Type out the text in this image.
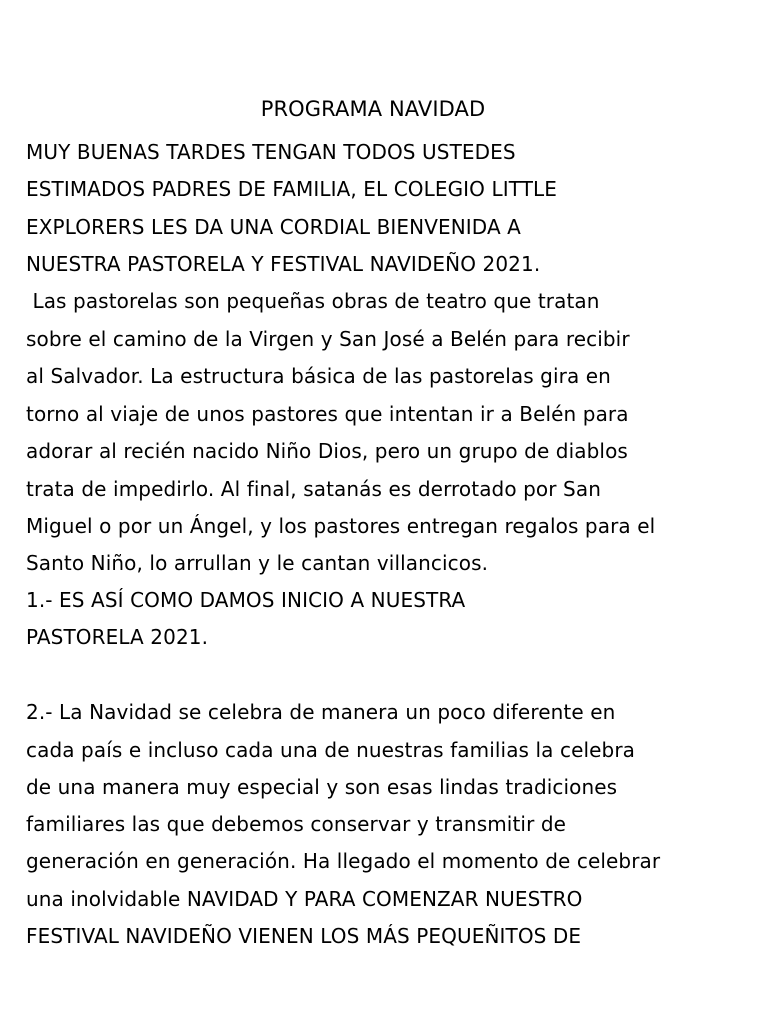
PROGRAMA NAVIDAD
MUY BUENAS TARDES TENGAN TODOS USTEDES
ESTIMADOS PADRES DE FAMILIA, EL COLEGIO LITTLE
EXPLORERS LES DA UNA CORDIAL BIENVENIDA A
NUESTRA PASTORELA Y FESTIVAL NAVIDEÑO 2021.
Las pastorelas son pequeñas obras de teatro que tratan
sobre el camino de la Virgen y San José a Belén para recibir
al Salvador. La estructura básica de las pastorelas gira en
torno al viaje de unos pastores que intentan ir a Belén para
adorar al recién nacido Niño Dios, pero un grupo de diablos
trata de impedirlo. Al final, satanás es derrotado por San
Miguel o por un Ángel, y los pastores entregan regalos para el
Santo Niño, lo arrullan y le cantan villancicos.
1.- ES ASÍ COMO DAMOS INICIO A NUESTRA
PASTORELA 2021.
2.- La Navidad se celebra de manera un poco diferente en
cada país e incluso cada una de nuestras familias la celebra
de una manera muy especial y son esas lindas tradiciones
familiares las que debemos conservar y transmitir de
generación en generación. Ha llegado el momento de celebrar
una inolvidable NAVIDAD Y PARA COMENZAR NUESTRO
FESTIVAL NAVIDEÑO VIENEN LOS MÁS PEQUEÑITOS DE
